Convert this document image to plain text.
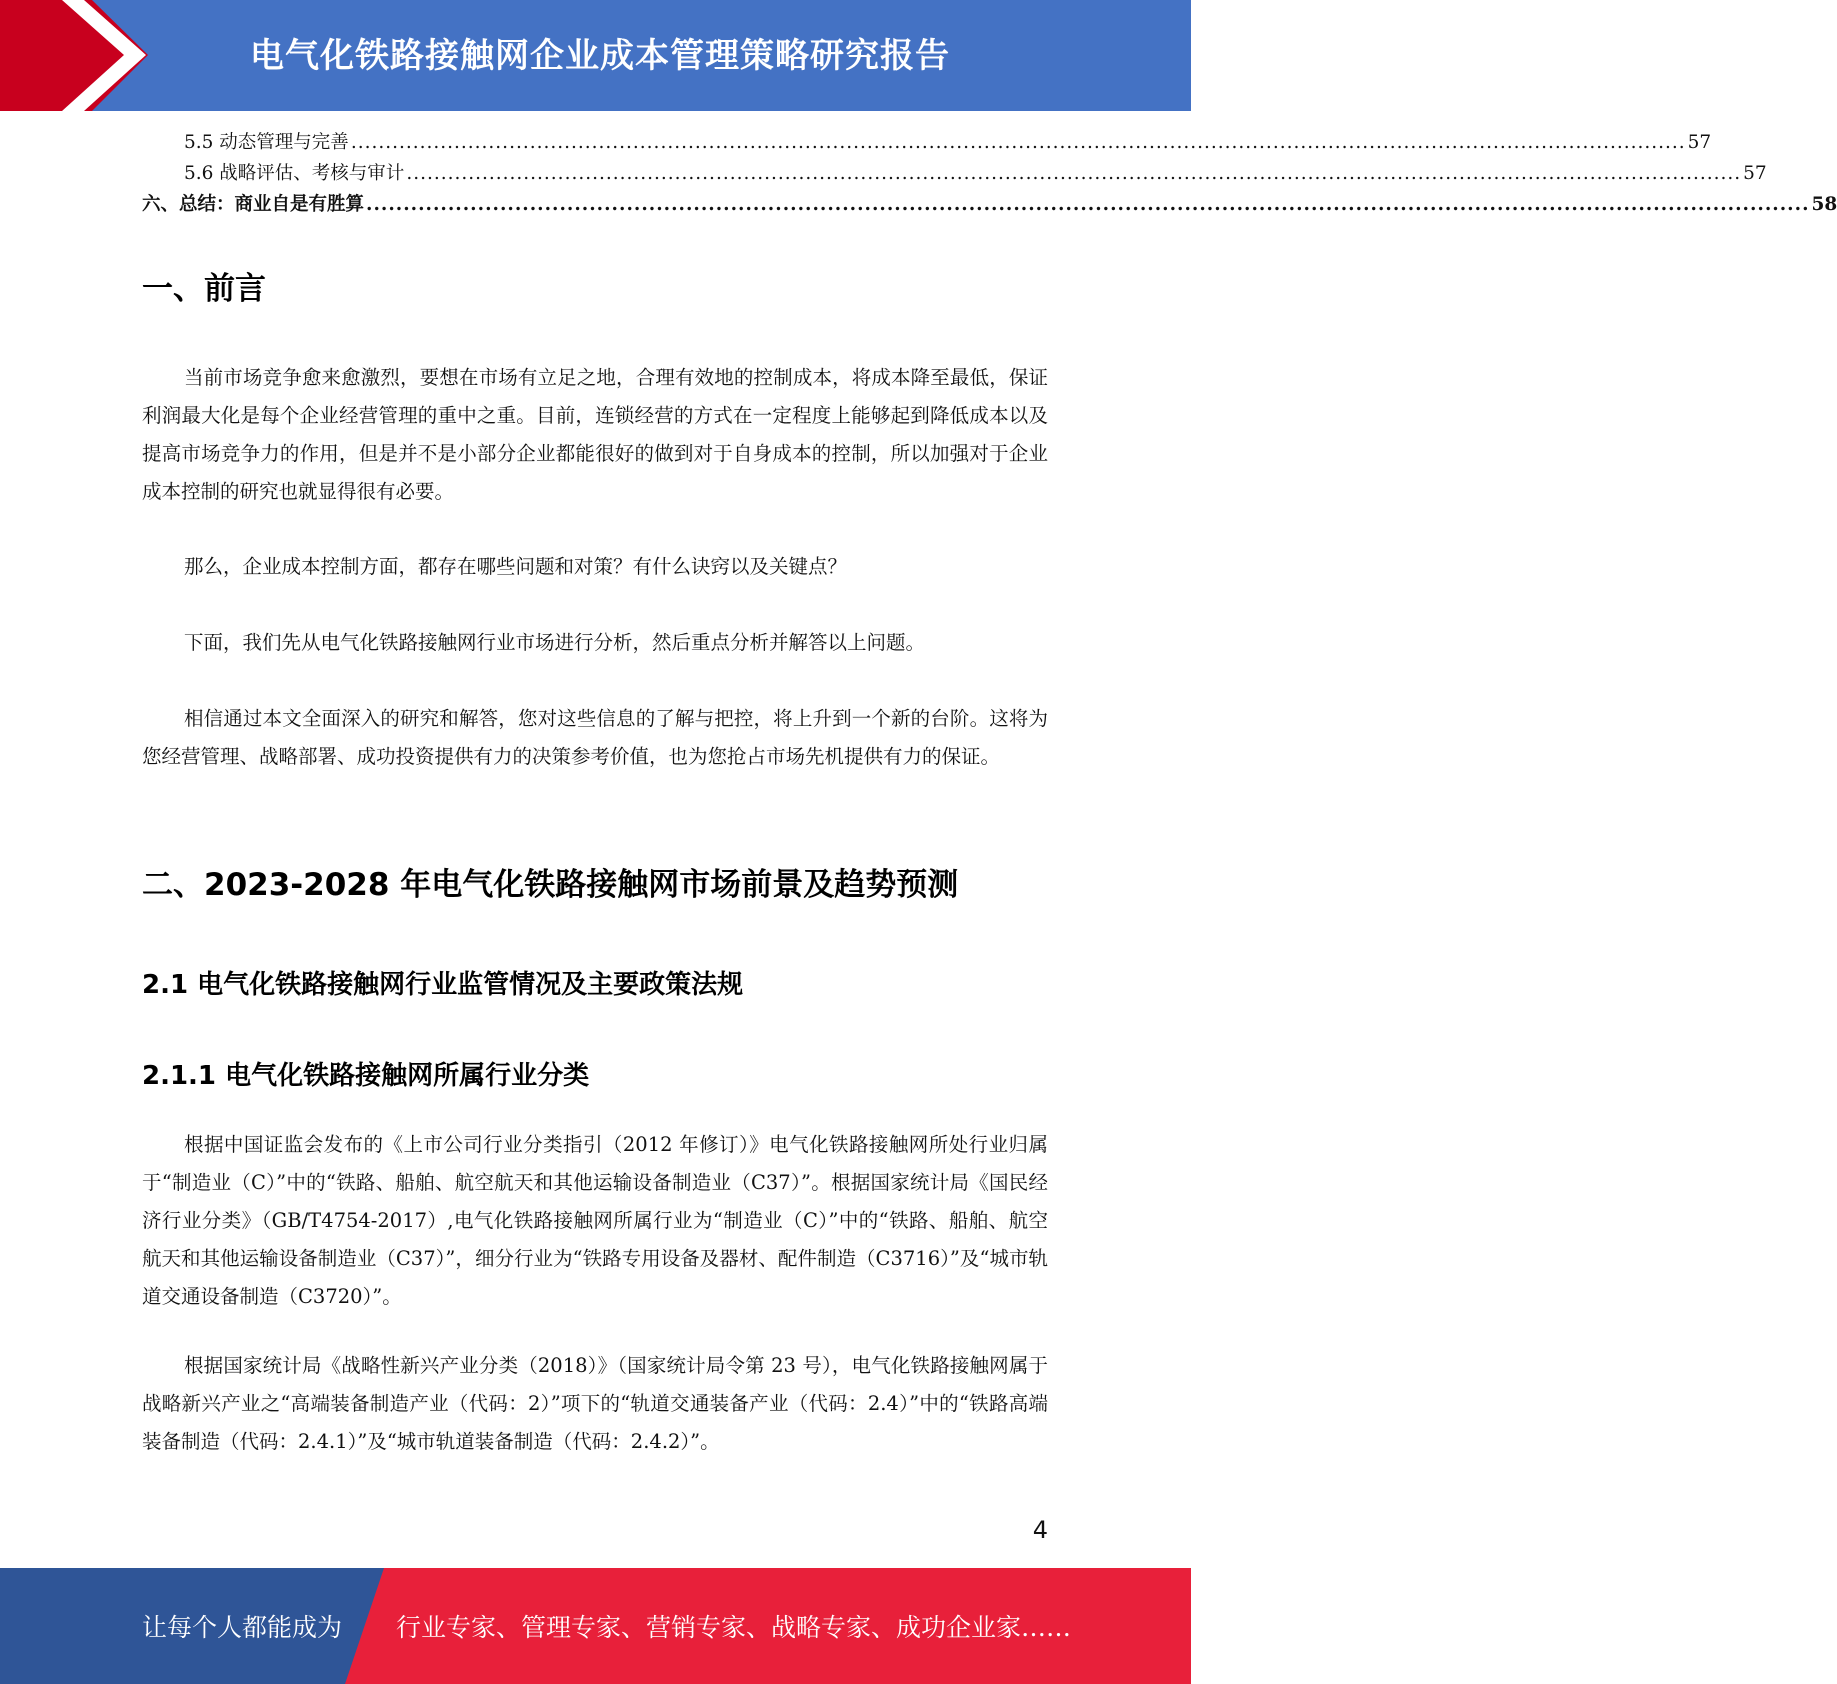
电气化铁路接触网企业成本管理策略研究报告
5.5 动态管理与完善 .................................................................................................................................................................................................. 57
5.6 战略评估、考核与审计 .................................................................................................................................................................................................. 57
六、总结：商业自是有胜算 .................................................................................................................................................................................................. 58
一、前言

当前市场竞争愈来愈激烈，要想在市场有立足之地，合理有效地的控制成本，将成本降至最低，保证利润最大化是每个企业经营管理的重中之重。目前，连锁经营的方式在一定程度上能够起到降低成本以及提高市场竞争力的作用，但是并不是小部分企业都能很好的做到对于自身成本的控制，所以加强对于企业成本控制的研究也就显得很有必要。

那么，企业成本控制方面，都存在哪些问题和对策？有什么诀窍以及关键点？

下面，我们先从电气化铁路接触网行业市场进行分析，然后重点分析并解答以上问题。

相信通过本文全面深入的研究和解答，您对这些信息的了解与把控，将上升到一个新的台阶。这将为您经营管理、战略部署、成功投资提供有力的决策参考价值，也为您抢占市场先机提供有力的保证。

二、2023-2028 年电气化铁路接触网市场前景及趋势预测
2.1 电气化铁路接触网行业监管情况及主要政策法规
2.1.1 电气化铁路接触网所属行业分类

根据中国证监会发布的《上市公司行业分类指引（2012 年修订）》电气化铁路接触网所处行业归属于“制造业（C）”中的“铁路、船舶、航空航天和其他运输设备制造业（C37）”。根据国家统计局《国民经济行业分类》（GB/T4754-2017）,电气化铁路接触网所属行业为“制造业（C）”中的“铁路、船舶、航空航天和其他运输设备制造业（C37）”，细分行业为“铁路专用设备及器材、配件制造（C3716）”及“城市轨道交通设备制造（C3720）”。

根据国家统计局《战略性新兴产业分类（2018）》（国家统计局令第 23 号），电气化铁路接触网属于战略新兴产业之“高端装备制造产业（代码：2）”项下的“轨道交通装备产业（代码：2.4）”中的“铁路高端装备制造（代码：2.4.1）”及“城市轨道装备制造（代码：2.4.2）”。

4
让每个人都能成为 行业专家、管理专家、营销专家、战略专家、成功企业家……
